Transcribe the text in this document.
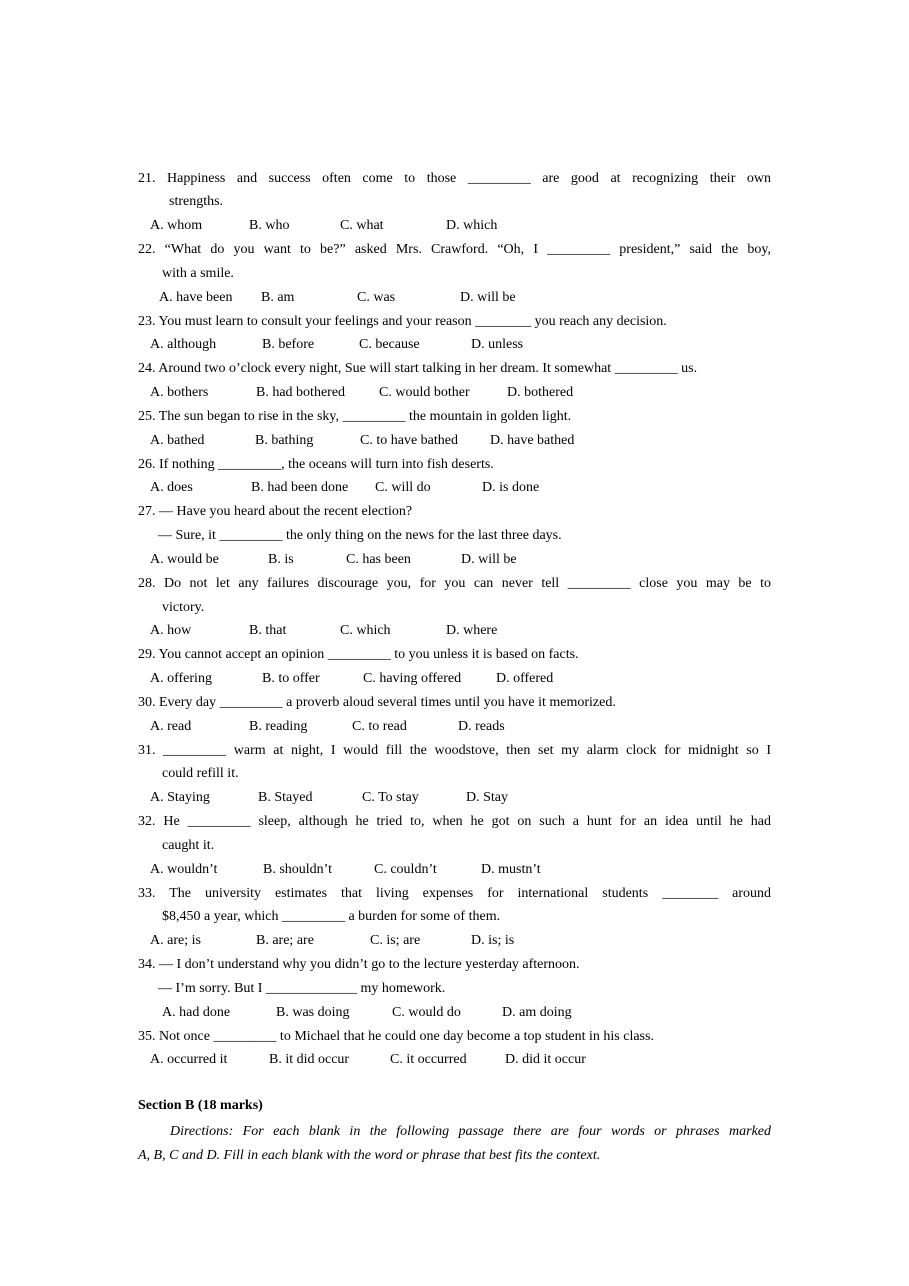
21. Happiness and success often come to those _________ are good at recognizing their own
strengths.
A. whom	B. who	C. what	D. which
22. “What do you want to be?” asked Mrs. Crawford. “Oh, I _________ president,” said the boy,
with a smile.
A. have been B. am	C. was	D. will be
23. You must learn to consult your feelings and your reason ________ you reach any decision.
A. although	B. before	C. because	D. unless
24. Around two o’clock every night, Sue will start talking in her dream. It somewhat _________ us.
A. bothers	B. had bothered C. would bother	D. bothered
25. The sun began to rise in the sky, _________ the mountain in golden light.
A. bathed	B. bathing	C. to have bathed D. have bathed
26. If nothing _________, the oceans will turn into fish deserts.
A. does	B. had been done C. will do	D. is done
27. — Have you heard about the recent election?
— Sure, it _________ the only thing on the news for the last three days.
A. would be	B. is	C. has been	D. will be
28. Do not let any failures discourage you, for you can never tell _________ close you may be to
victory.
A. how	B. that	C. which	D. where
29. You cannot accept an opinion _________ to you unless it is based on facts.
A. offering	B. to offer	C. having offered D. offered
30. Every day _________ a proverb aloud several times until you have it memorized.
A. read	B. reading	C. to read	D. reads
31. _________ warm at night, I would fill the woodstove, then set my alarm clock for midnight so I
could refill it.
A. Staying	B. Stayed	C. To stay	D. Stay
32. He _________ sleep, although he tried to, when he got on such a hunt for an idea until he had
caught it.
A. wouldn’t	B. shouldn’t	C. couldn’t	D. mustn’t
33. The university estimates that living expenses for international students ________ around
$8,450 a year, which _________ a burden for some of them.
A. are; is	B. are; are	C. is; are	D. is; is
34. — I don’t understand why you didn’t go to the lecture yesterday afternoon.
— I’m sorry. But I _____________ my homework.
A. had done	B. was doing	C. would do	D. am doing
35. Not once _________ to Michael that he could one day become a top student in his class.
A. occurred it	B. it did occur	C. it occurred	D. did it occur
Section B (18 marks)
Directions: For each blank in the following passage there are four words or phrases marked
A, B, C and D. Fill in each blank with the word or phrase that best fits the context.
